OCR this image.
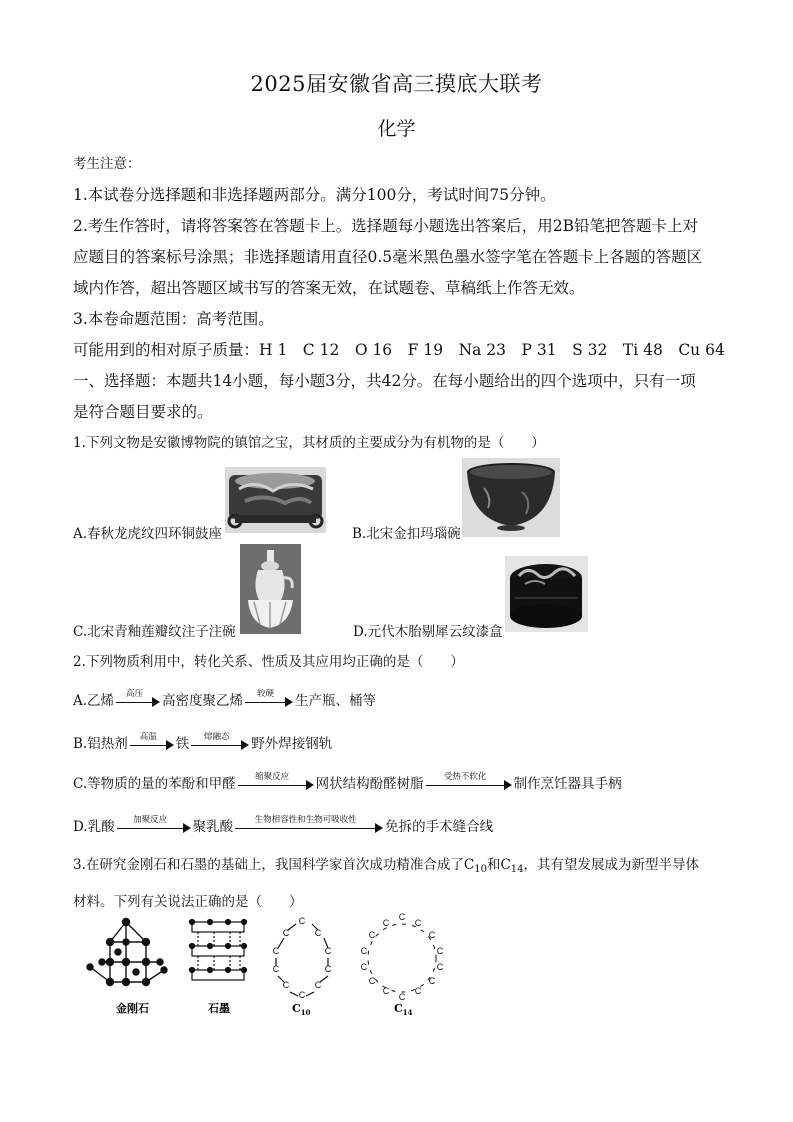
2025届安徽省高三摸底大联考
化学
考生注意：
1.本试卷分选择题和非选择题两部分。满分100分，考试时间75分钟。
2.考生作答时，请将答案答在答题卡上。选择题每小题选出答案后，用2B铅笔把答题卡上对
应题目的答案标号涂黑；非选择题请用直径0.5毫米黑色墨水签字笔在答题卡上各题的答题区
域内作答，超出答题区域书写的答案无效，在试题卷、草稿纸上作答无效。
3.本卷命题范围：高考范围。
可能用到的相对原子质量：H 1　C 12　O 16　F 19　Na 23　P 31　S 32　Ti 48　Cu 64
一、选择题：本题共14小题，每小题3分，共42分。在每小题给出的四个选项中，只有一项
是符合题目要求的。
1.下列文物是安徽博物院的镇馆之宝，其材质的主要成分为有机物的是（　　）
A.春秋龙虎纹四环铜鼓座	B.北宋金扣玛瑙碗
C.北宋青釉莲瓣纹注子注碗	D.元代木胎剔犀云纹漆盒
2.下列物质利用中，转化关系、性质及其应用均正确的是（　　）
A.乙烯	高压	高密度聚乙烯	较硬	生产瓶、桶等
B.铝热剂	高温	铁	熔融态	野外焊接钢轨
C.等物质的量的苯酚和甲醛	缩聚反应	网状结构酚醛树脂	受热不软化	制作烹饪器具手柄
D.乳酸	加聚反应	聚乳酸	生物相容性和生物可吸收性	免拆的手术缝合线
3.在研究金刚石和石墨的基础上，我国科学家首次成功精准合成了$C_{10}$和$C_{14}$，其有望发展成为新型半导体
材料。下列有关说法正确的是（　　）
金刚石	石墨
C
C	C
C	C
C	C
C	C
C
$C_{10}$
C
C	C
C	C
C	C
C	C
C	C
C	C
C
$C_{14}$
